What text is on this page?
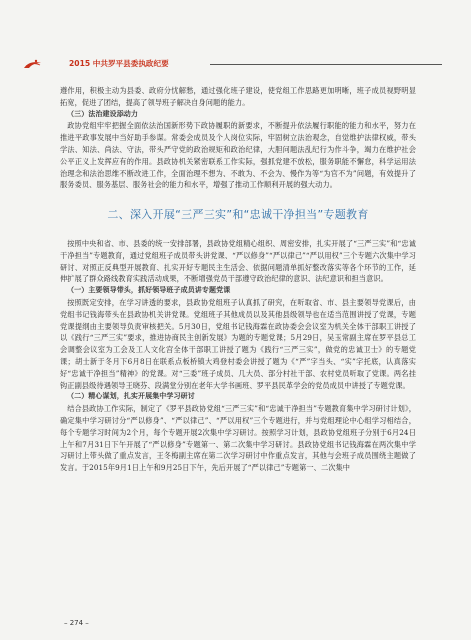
2015 中共罗平县委执政纪要

遵作用，积极主动为县委、政府分忧解愁，通过强化班子建设，使党组工作思路更加明晰，班子成员视野明显拓宽，促进了团结，提高了领导班子解决自身问题的能力。

（三）法治建设添动力

政协党组牢牢把握全面依法治国新形势下政协履职的新要求，不断提升依法履行职能的能力和水平，努力在推进平政事发展中当好助手参谋。常委会成员及个人岗位实际，牢固树立法治观念，自觉维护法律权威，带头学法、知法、尚法、守法，带头严守党的政治规矩和政治纪律，大胆问题法乱纪行为作斗争，竭力在维护社会公平正义上发挥应有的作用。县政协机关紧密联系工作实际，强抓党建不放松，服务职能不懈怠，科学运用法治理念和法治思维不断改进工作，全面治理不想为、不敢为、不会为、慢作为等“为官不为”问题，有效提升了服务委员、服务基层、服务社会的能力和水平，增强了推动工作顺利开展的强大动力。

二、深入开展“三严三实”和“忠诚干净担当”专题教育

按照中央和省、市、县委的统一安排部署，县政协党组精心组织、周密安排，扎实开展了“三严三实”和“忠诚干净担当”专题教育，通过党组班子成员带头讲党课、“严以修身”“严以律己”“严以用权”三个专题六次集中学习研讨、对照正反典型开展教育、扎实开好专题民主生活会、依据问题清单抓好整改落实等各个环节的工作，延伸扩展了群众路线教育实践活动成果，不断增强党员干部遵守政治纪律的意识、法纪意识和担当意识。

（一）主要领导带头，抓好领导班子成员讲专题党课

按照既定安排，在学习讲透的要求，县政协党组班子认真抓了研究，在听取省、市、县主要领导党课后，由党组书记钱海带头在县政协机关讲党课。党组班子其他成员以及其他县级领导也在适当范围讲授了党课，专题党课提纲由主要领导负责审核把关。5月30日，党组书记钱海霖在政协委会会议室为机关全体干部职工讲授了以《践行“三严三实”要求，推进协商民主创新发展》为题的专题党课；5月29日，吴玉常副主席在罗平县总工会调整会议室为工会及工人文化宫全体干部职工讲授了题为《践行“三严三实”，做党的忠诚卫士》的专题党课；胡士新于冬月下6月8日在联系点板桥镇大鸡登村委会讲授了题为《“严”字当头、“实”字托底，认真落实好“忠诚干净担当”精神》的党课。对“三委”班子成员、几大员、部分村社干部、农村党员听取了党课。两名挂钩正副县级待遇领导王晓芬、段满堂分别在老年大学书画班、罗平县民革学会的党员成员中讲授了专题党课。

（二）精心谋划，扎实开展集中学习研讨

结合县政协工作实际，制定了《罗平县政协党组“三严三实”和“忠诚干净担当”专题教育集中学习研讨计划》，确定集中学习研讨分“严以修身”、“严以律己”、“严以用权”三个专题进行，并与党组理论中心组学习相结合，每个专题学习时间为2个月，每个专题开展2次集中学习研讨。按照学习计划，县政协党组班子分别于6月24日上午和7月31日下午开展了“严以修身”专题第一、第二次集中学习研讨。县政协党组书记钱海霖在两次集中学习研讨上带头做了重点发言，王冬梅副主席在第二次学习研讨中作重点发言，其他与会班子成员围绕主题做了发言。于2015年9月1日上午和9月25日下午，先后开展了“严以律己”专题第一、二次集中

– 274 –
